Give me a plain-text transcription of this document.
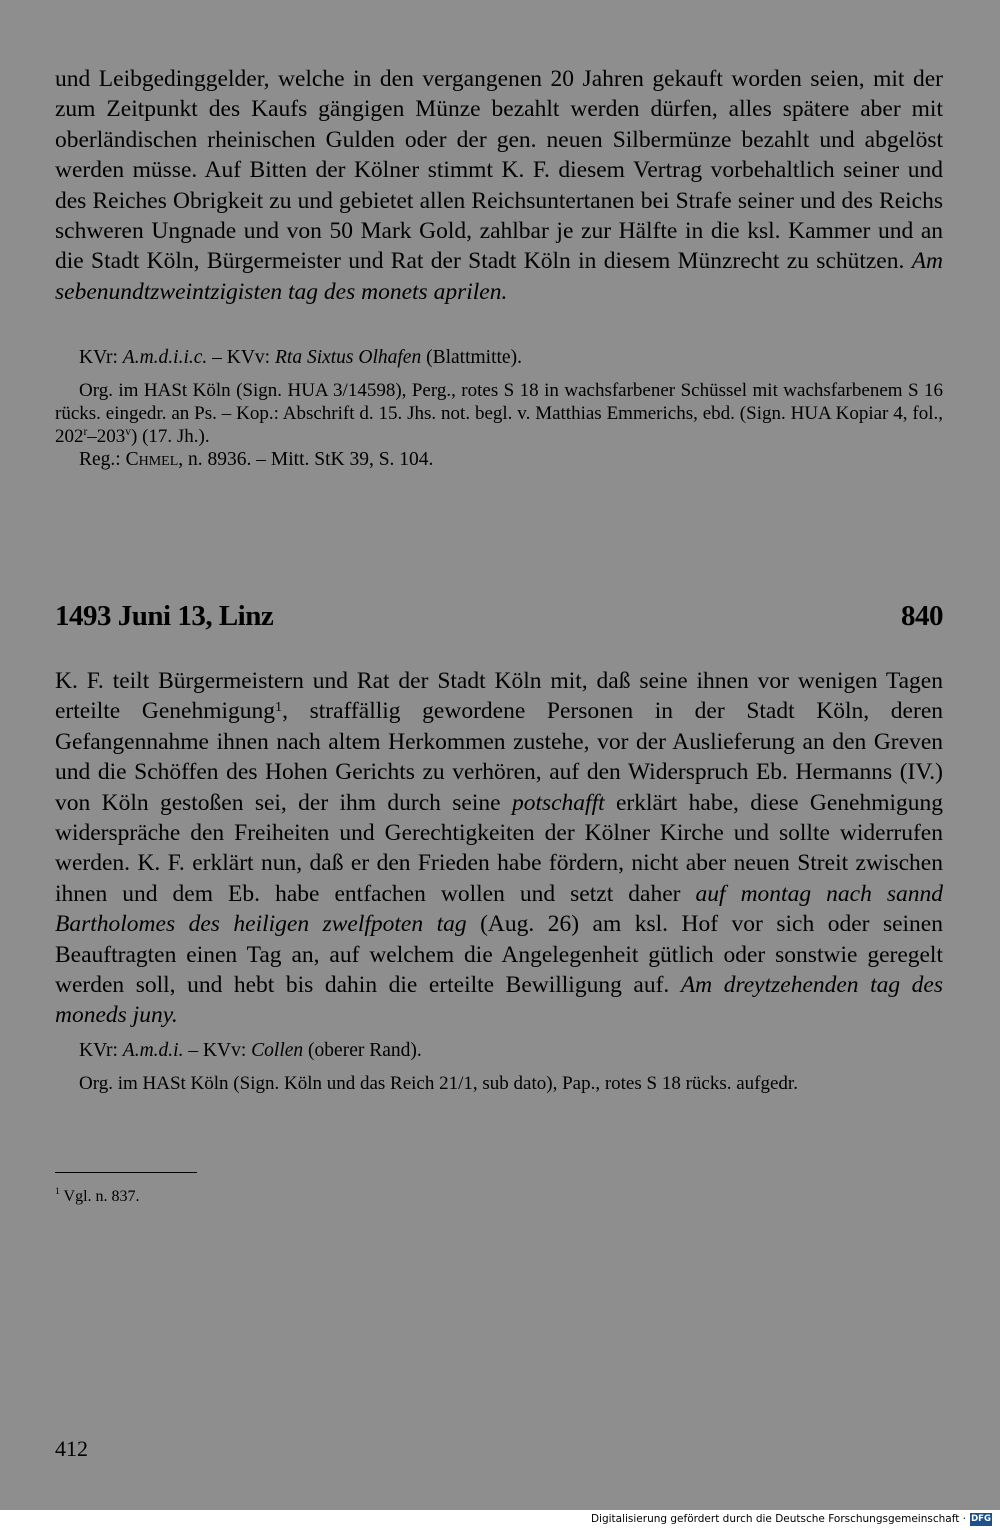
und Leibgedinggelder, welche in den vergangenen 20 Jahren gekauft worden seien, mit der zum Zeitpunkt des Kaufs gängigen Münze bezahlt werden dürfen, alles spätere aber mit oberländischen rheinischen Gulden oder der gen. neuen Silbermünze bezahlt und abgelöst werden müsse. Auf Bitten der Kölner stimmt K. F. diesem Vertrag vorbehaltlich seiner und des Reiches Obrigkeit zu und gebietet allen Reichsuntertanen bei Strafe seiner und des Reichs schweren Ungnade und von 50 Mark Gold, zahlbar je zur Hälfte in die ksl. Kammer und an die Stadt Köln, Bürgermeister und Rat der Stadt Köln in diesem Münzrecht zu schützen. Am sebenundtzweintzigisten tag des monets aprilen.

KVr: A.m.d.i.i.c. – KVv: Rta Sixtus Olhafen (Blattmitte).

Org. im HASt Köln (Sign. HUA 3/14598), Perg., rotes S 18 in wachsfarbener Schüssel mit wachsfarbenem S 16 rücks. eingedr. an Ps. – Kop.: Abschrift d. 15. Jhs. not. begl. v. Matthias Emmerichs, ebd. (Sign. HUA Kopiar 4, fol., 202$^r$–203$^v$) (17. Jh.).

Reg.: Chmel, n. 8936. – Mitt. StK 39, S. 104.

1493 Juni 13, Linz	840

K. F. teilt Bürgermeistern und Rat der Stadt Köln mit, daß seine ihnen vor wenigen Tagen erteilte Genehmigung$^1$, straffällig gewordene Personen in der Stadt Köln, deren Gefangennahme ihnen nach altem Herkommen zustehe, vor der Auslieferung an den Greven und die Schöffen des Hohen Gerichts zu verhören, auf den Widerspruch Eb. Hermanns (IV.) von Köln gestoßen sei, der ihm durch seine potschafft erklärt habe, diese Genehmigung widerspräche den Freiheiten und Gerechtigkeiten der Kölner Kirche und sollte widerrufen werden. K. F. erklärt nun, daß er den Frieden habe fördern, nicht aber neuen Streit zwischen ihnen und dem Eb. habe entfachen wollen und setzt daher auf montag nach sannd Bartholomes des heiligen zwelfpoten tag (Aug. 26) am ksl. Hof vor sich oder seinen Beauftragten einen Tag an, auf welchem die Angelegenheit gütlich oder sonstwie geregelt werden soll, und hebt bis dahin die erteilte Bewilligung auf. Am dreytzehenden tag des moneds juny.

KVr: A.m.d.i. – KVv: Collen (oberer Rand).

Org. im HASt Köln (Sign. Köln und das Reich 21/1, sub dato), Pap., rotes S 18 rücks. aufgedr.

$^1$ Vgl. n. 837.
412
Digitalisierung gefördert durch die Deutsche Forschungsgemeinschaft · DFG
